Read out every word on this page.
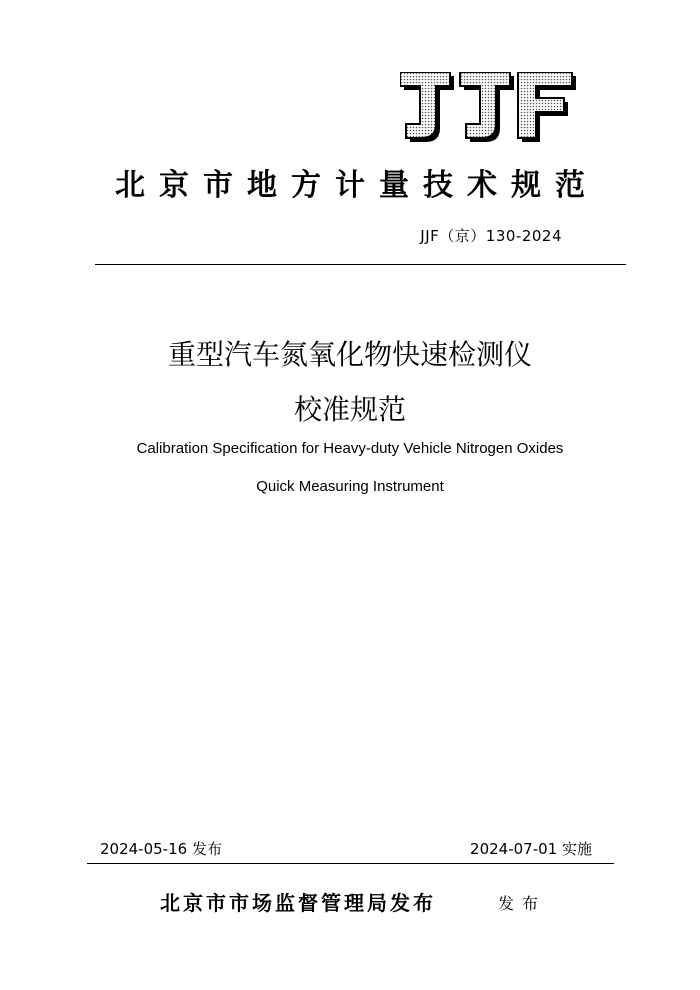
北京市地方计量技术规范
JJF（京）130-2024
重型汽车氮氧化物快速检测仪
校准规范
Calibration Specification for Heavy-duty Vehicle Nitrogen Oxides
Quick Measuring Instrument
2024-05-16 发布	2024-07-01 实施
北京市市场监督管理局发布	发布
